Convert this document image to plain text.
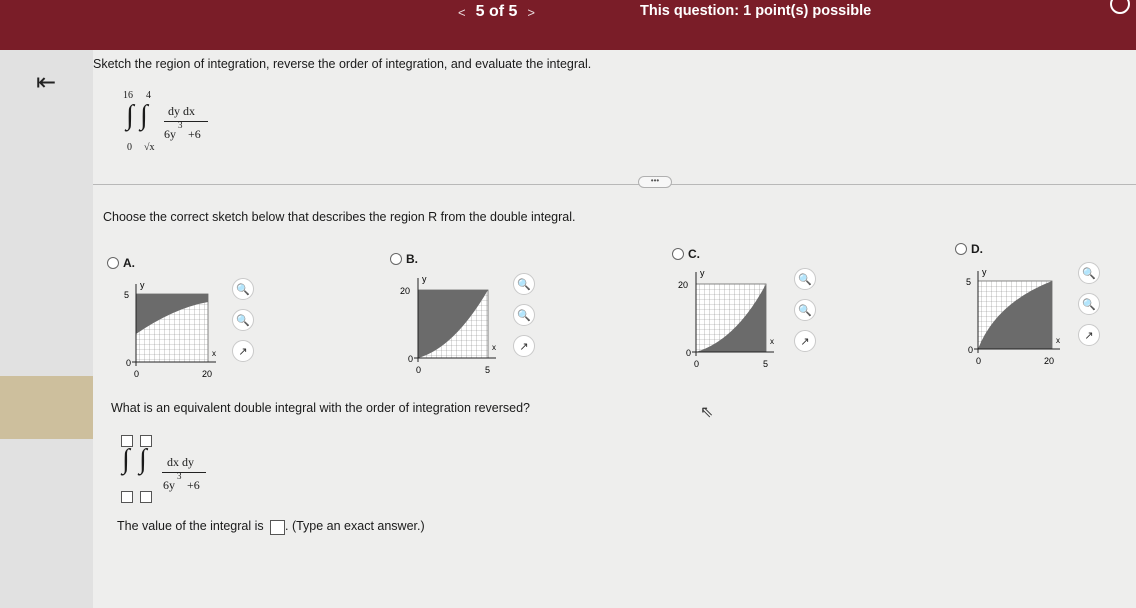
< 5 of 5 >	This question: 1 point(s) possible
⇤
Sketch the region of integration, reverse the order of integration, and evaluate the integral.
16 4
∫ ∫
0 √x
dy dx
6y
3
+6
•••
Choose the correct sketch below that describes the region R from the double integral.
A.
y
5
0
0	20
x
🔍
🔍
↗
B.
y
20
0
0	5
x
🔍
🔍
↗
C.
y
20
0
0	5
x
🔍
🔍
↗
D.
y
5
0
0	20
x
🔍
🔍
↗
What is an equivalent double integral with the order of integration reversed?
∫ ∫ dx dy
6y
3
+6
The value of the integral is . (Type an exact answer.)
⇖
